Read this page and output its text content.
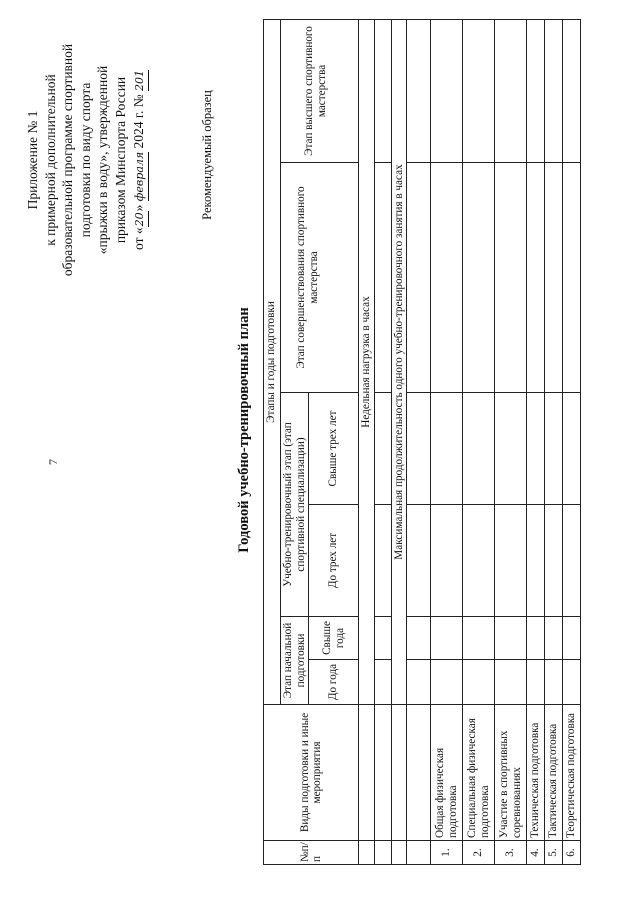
7
Приложение № 1 к примерной дополнительной образовательной программе спортивной подготовки по виду спорта «прыжки в воду», утвержденной приказом Минспорта России от «20» февраля 2024 г. № 201
Рекомендуемый образец
Годовой учебно-тренировочный план
№п/п	Виды подготовки и иные мероприятия	Этапы и годы подготовки					
		Этап начальной подготовки		Учебно-тренировочный этап (этап спортивной специализации)		Этап совершенствования спортивного мастерства	Этап высшего спортивного мастерства
		До года	Свыше года	До трех лет	Свыше трех лет		
		Недельная нагрузка в часах					

		Максимальная продолжительность одного учебно-тренировочного занятия в часах					

1.	Общая физическая подготовка						
2.	Специальная физическая подготовка						
3.	Участие в спортивных соревнованиях						
4.	Техническая подготовка						
5.	Тактическая подготовка						
6.	Теоретическая подготовка						
